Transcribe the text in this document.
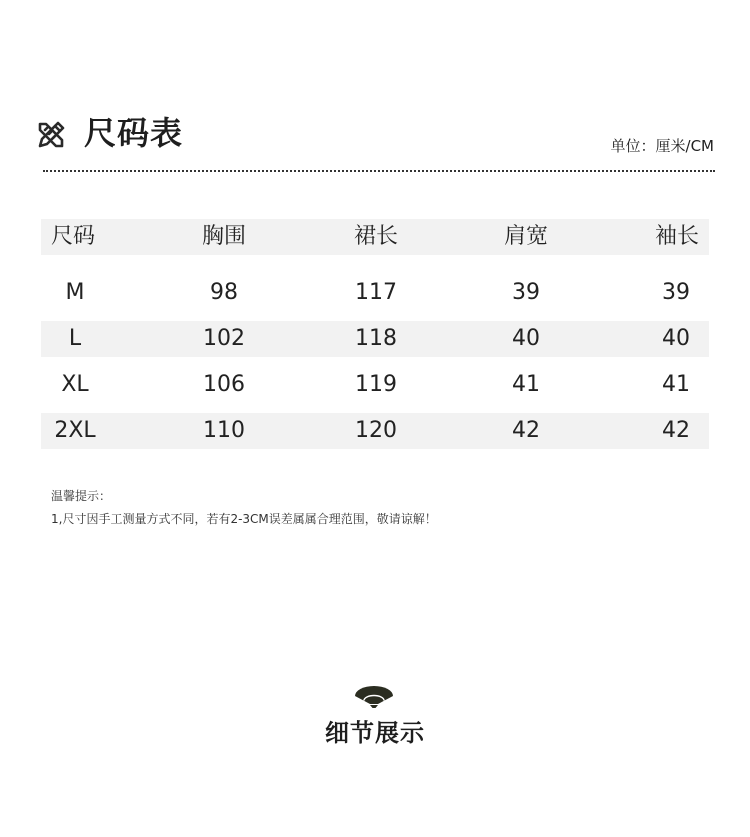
尺码表	单位：厘米/CM
尺码	胸围	裙长	肩宽	袖长
M	98	117	39	39
L	102	118	40	40
XL	106	119	41	41
2XL	110	120	42	42
温馨提示：
1,尺寸因手工测量方式不同，若有2-3CM误差属属合理范围，敬请谅解！
细节展示
